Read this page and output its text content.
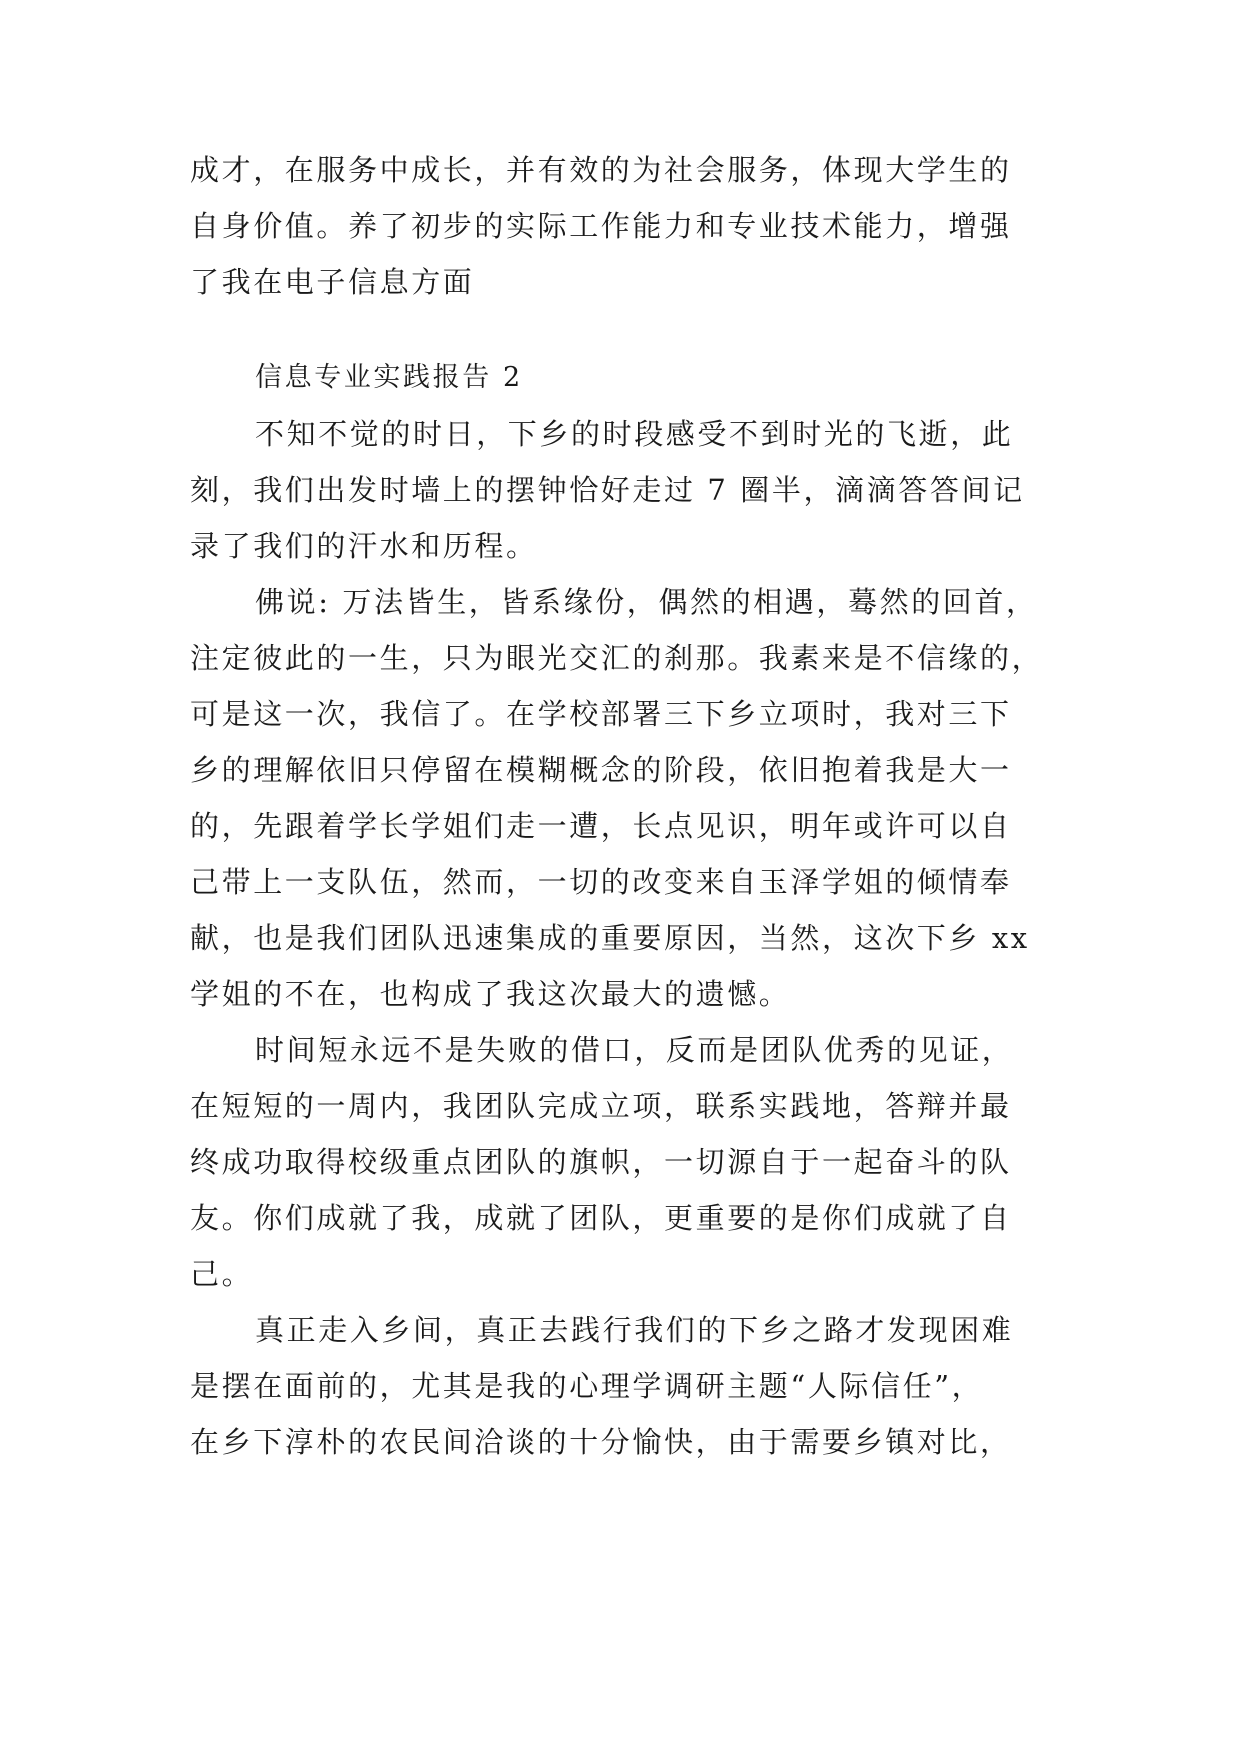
成才，在服务中成长，并有效的为社会服务，体现大学生的
自身价值。养了初步的实际工作能力和专业技术能力，增强
了我在电子信息方面
信息专业实践报告 2
不知不觉的时日，下乡的时段感受不到时光的飞逝，此
刻，我们出发时墙上的摆钟恰好走过 7 圈半，滴滴答答间记
录了我们的汗水和历程。
佛说: 万法皆生，皆系缘份，偶然的相遇，蓦然的回首，
注定彼此的一生，只为眼光交汇的刹那。我素来是不信缘的，
可是这一次，我信了。在学校部署三下乡立项时，我对三下
乡的理解依旧只停留在模糊概念的阶段，依旧抱着我是大一
的，先跟着学长学姐们走一遭，长点见识，明年或许可以自
己带上一支队伍，然而，一切的改变来自玉泽学姐的倾情奉
献，也是我们团队迅速集成的重要原因，当然，这次下乡 xx
学姐的不在，也构成了我这次最大的遗憾。
时间短永远不是失败的借口，反而是团队优秀的见证，
在短短的一周内，我团队完成立项，联系实践地，答辩并最
终成功取得校级重点团队的旗帜，一切源自于一起奋斗的队
友。你们成就了我，成就了团队，更重要的是你们成就了自
己。
真正走入乡间，真正去践行我们的下乡之路才发现困难
是摆在面前的，尤其是我的心理学调研主题“人际信任”，
在乡下淳朴的农民间洽谈的十分愉快，由于需要乡镇对比，
